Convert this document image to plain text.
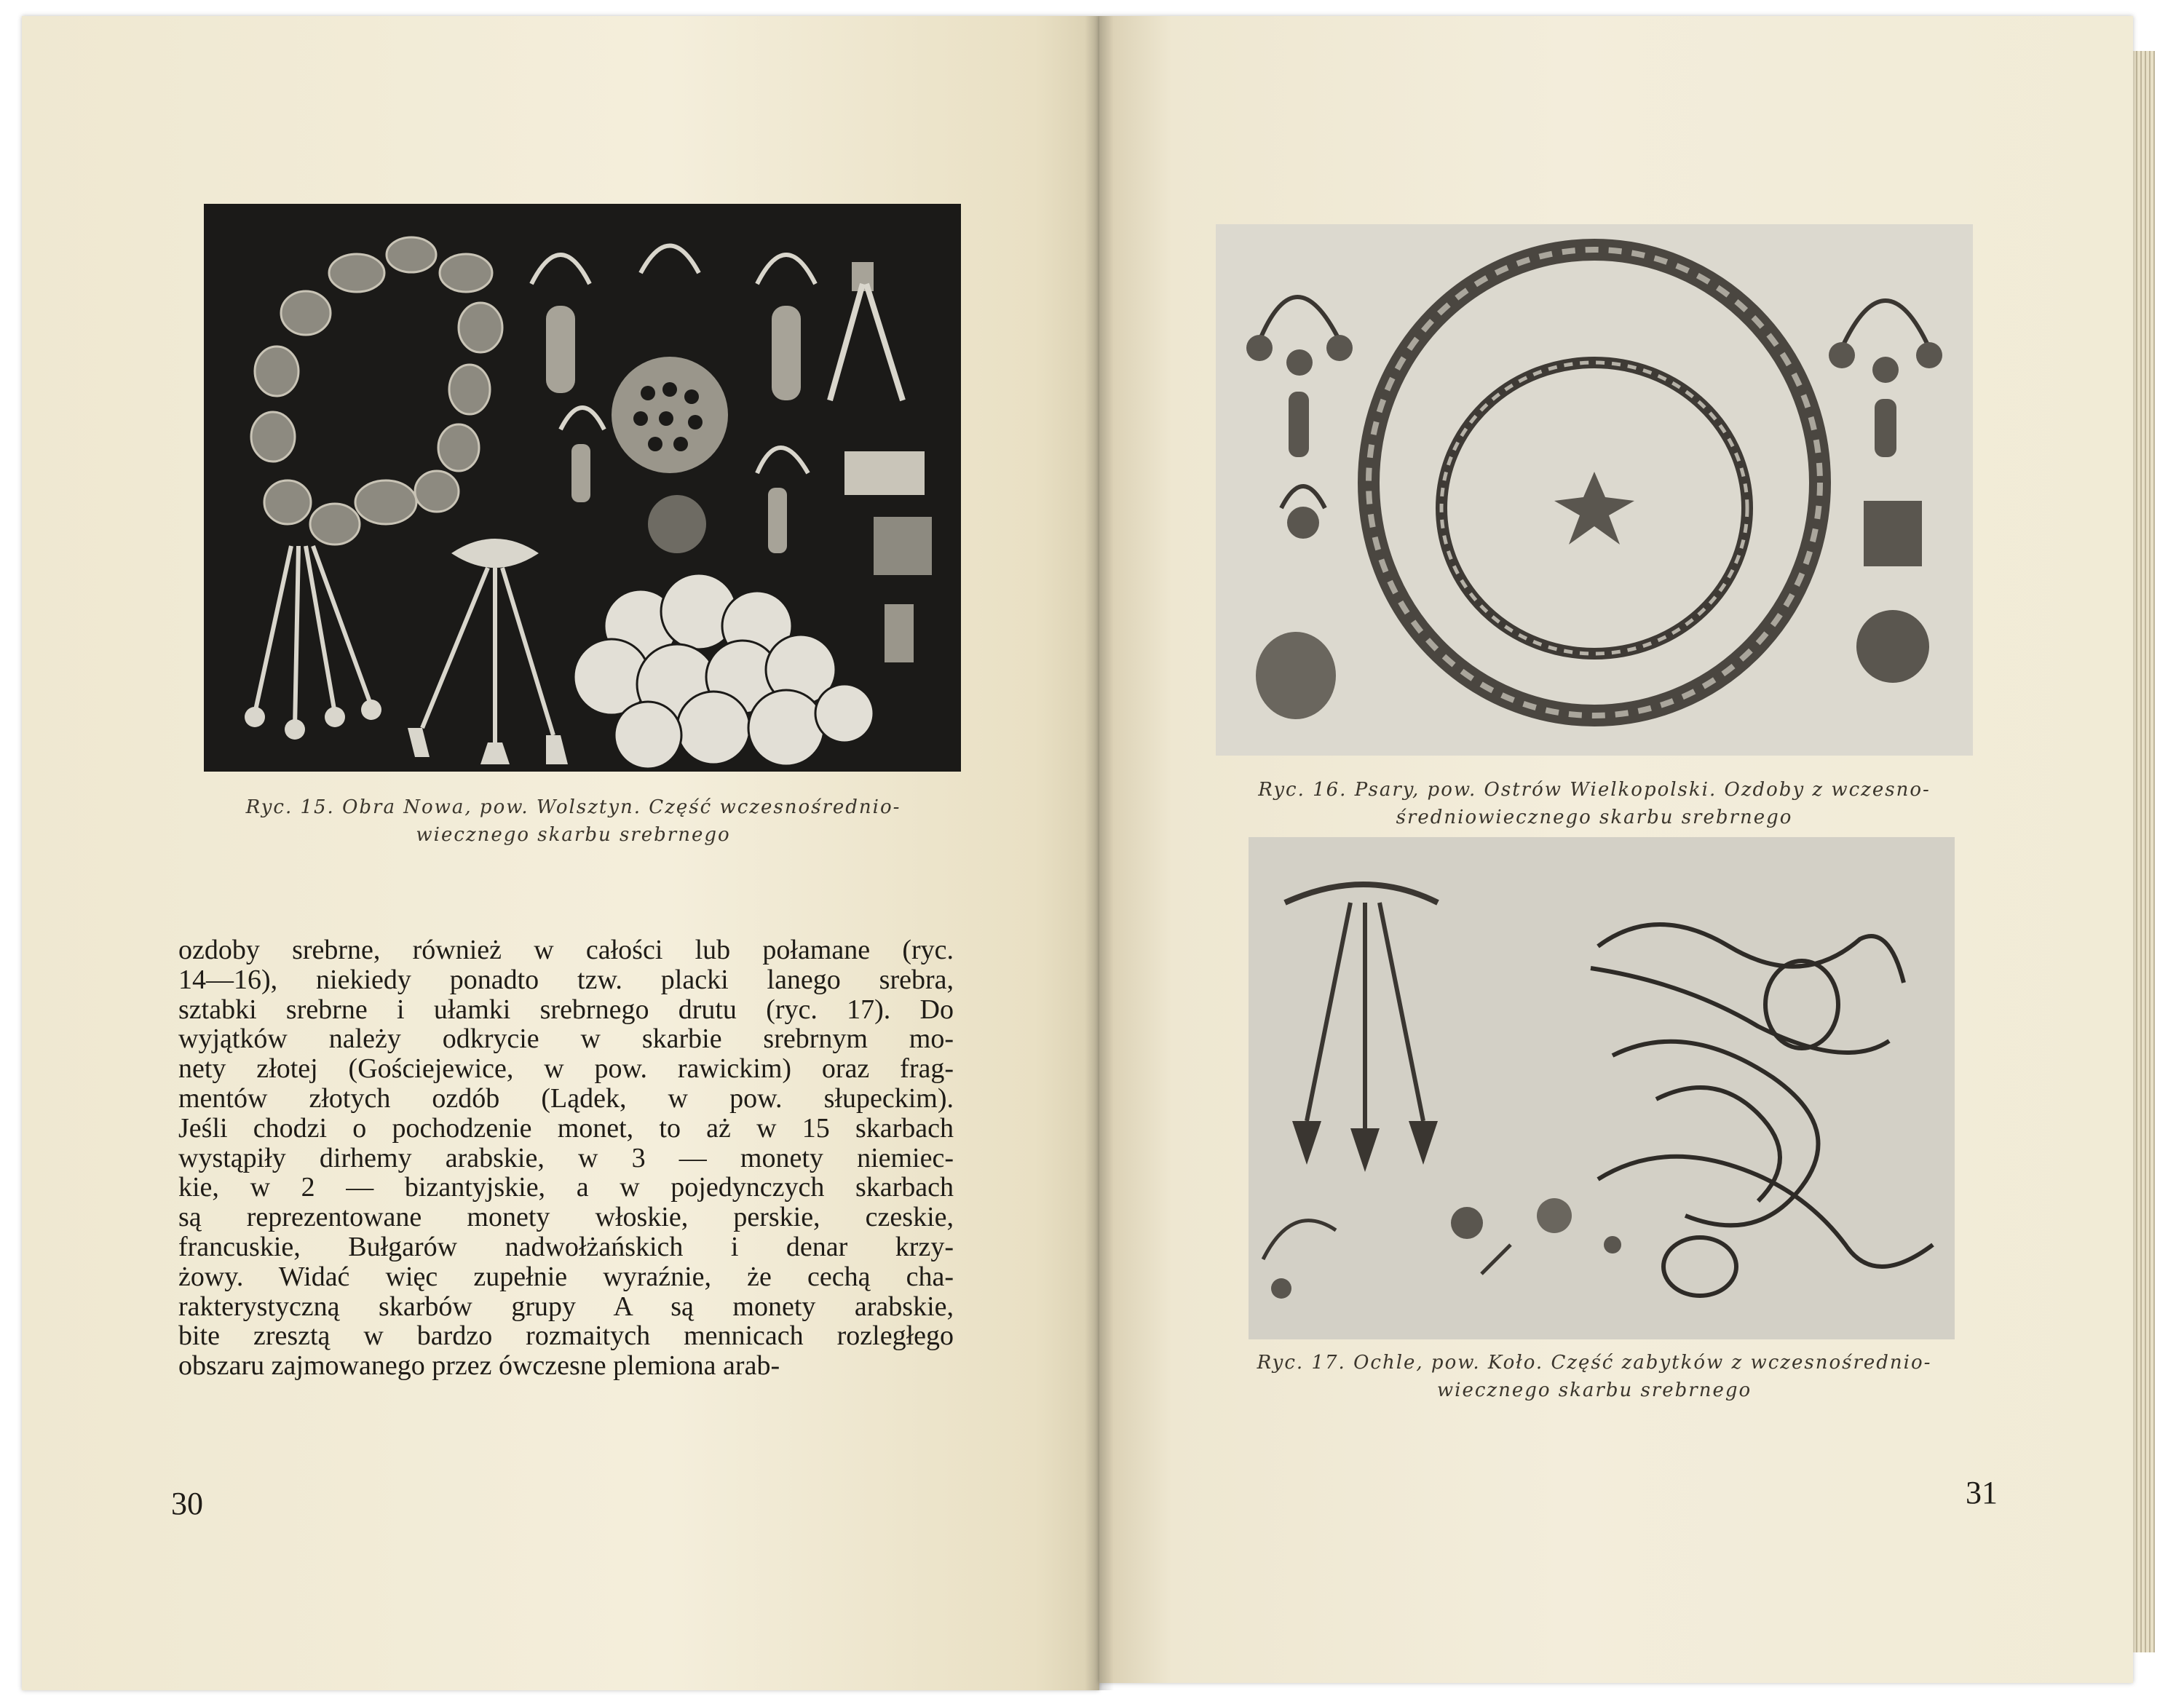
Ryc. 15. Obra Nowa, pow. Wolsztyn. Część wczesnośrednio-
wiecznego skarbu srebrnego
ozdoby srebrne, również w całości lub połamane (ryc.
14—16), niekiedy ponadto tzw. placki lanego srebra,
sztabki srebrne i ułamki srebrnego drutu (ryc. 17). Do
wyjątków należy odkrycie w skarbie srebrnym mo-
nety złotej (Gościejewice, w pow. rawickim) oraz frag-
mentów złotych ozdób (Lądek, w pow. słupeckim).
Jeśli chodzi o pochodzenie monet, to aż w 15 skarbach
wystąpiły dirhemy arabskie, w 3 — monety niemiec-
kie, w 2 — bizantyjskie, a w pojedynczych skarbach
są reprezentowane monety włoskie, perskie, czeskie,
francuskie, Bułgarów nadwołżańskich i denar krzy-
żowy. Widać więc zupełnie wyraźnie, że cechą cha-
rakterystyczną skarbów grupy A są monety arabskie,
bite zresztą w bardzo rozmaitych mennicach rozległego
obszaru zajmowanego przez ówczesne plemiona arab-
30
Ryc. 16. Psary, pow. Ostrów Wielkopolski. Ozdoby z wczesno-
średniowiecznego skarbu srebrnego
Ryc. 17. Ochle, pow. Koło. Część zabytków z wczesnośrednio-
wiecznego skarbu srebrnego
31
